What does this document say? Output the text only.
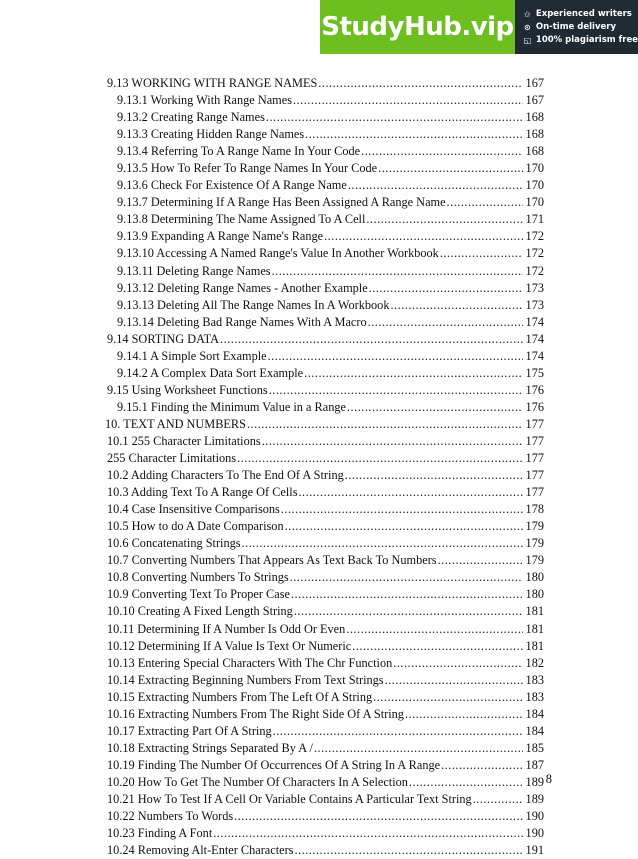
StudyHub.vip ✩ Experienced writers
⊙ On-time delivery
◱ 100% plagiarism free
9.13 WORKING WITH RANGE NAMES .....	167
9.13.1 Working With Range Names .....	167
9.13.2 Creating Range Names .....	168
9.13.3 Creating Hidden Range Names .....	168
9.13.4 Referring To A Range Name In Your Code .....	168
9.13.5 How To Refer To Range Names In Your Code .....	170
9.13.6 Check For Existence Of A Range Name .....	170
9.13.7 Determining If A Range Has Been Assigned A Range Name .....	170
9.13.8 Determining The Name Assigned To A Cell .....	171
9.13.9 Expanding A Range Name's Range .....	172
9.13.10 Accessing A Named Range's Value In Another Workbook .....	172
9.13.11 Deleting Range Names .....	172
9.13.12 Deleting Range Names - Another Example .....	173
9.13.13 Deleting All The Range Names In A Workbook .....	173
9.13.14 Deleting Bad Range Names With A Macro .....	174
9.14 SORTING DATA .....	174
9.14.1 A Simple Sort Example .....	174
9.14.2 A Complex Data Sort Example .....	175
9.15 Using Worksheet Functions .....	176
9.15.1 Finding the Minimum Value in a Range .....	176
10. TEXT AND NUMBERS .....	177
10.1 255 Character Limitations .....	177
255 Character Limitations .....	177
10.2 Adding Characters To The End Of A String .....	177
10.3 Adding Text To A Range Of Cells .....	177
10.4 Case Insensitive Comparisons .....	178
10.5 How to do A Date Comparison .....	179
10.6 Concatenating Strings .....	179
10.7 Converting Numbers That Appears As Text Back To Numbers .....	179
10.8 Converting Numbers To Strings .....	180
10.9 Converting Text To Proper Case .....	180
10.10 Creating A Fixed Length String .....	181
10.11 Determining If A Number Is Odd Or Even .....	181
10.12 Determining If A Value Is Text Or Numeric .....	181
10.13 Entering Special Characters With The Chr Function .....	182
10.14 Extracting Beginning Numbers From Text Strings .....	183
10.15 Extracting Numbers From The Left Of A String .....	183
10.16 Extracting Numbers From The Right Side Of A String .....	184
10.17 Extracting Part Of A String .....	184
10.18 Extracting Strings Separated By A / .....	185
10.19 Finding The Number Of Occurrences Of A String In A Range .....	187
10.20 How To Get The Number Of Characters In A Selection .....	189
10.21 How To Test If A Cell Or Variable Contains A Particular Text String .....	189
10.22 Numbers To Words .....	190
10.23 Finding A Font .....	190
10.24 Removing Alt-Enter Characters .....	191
8
